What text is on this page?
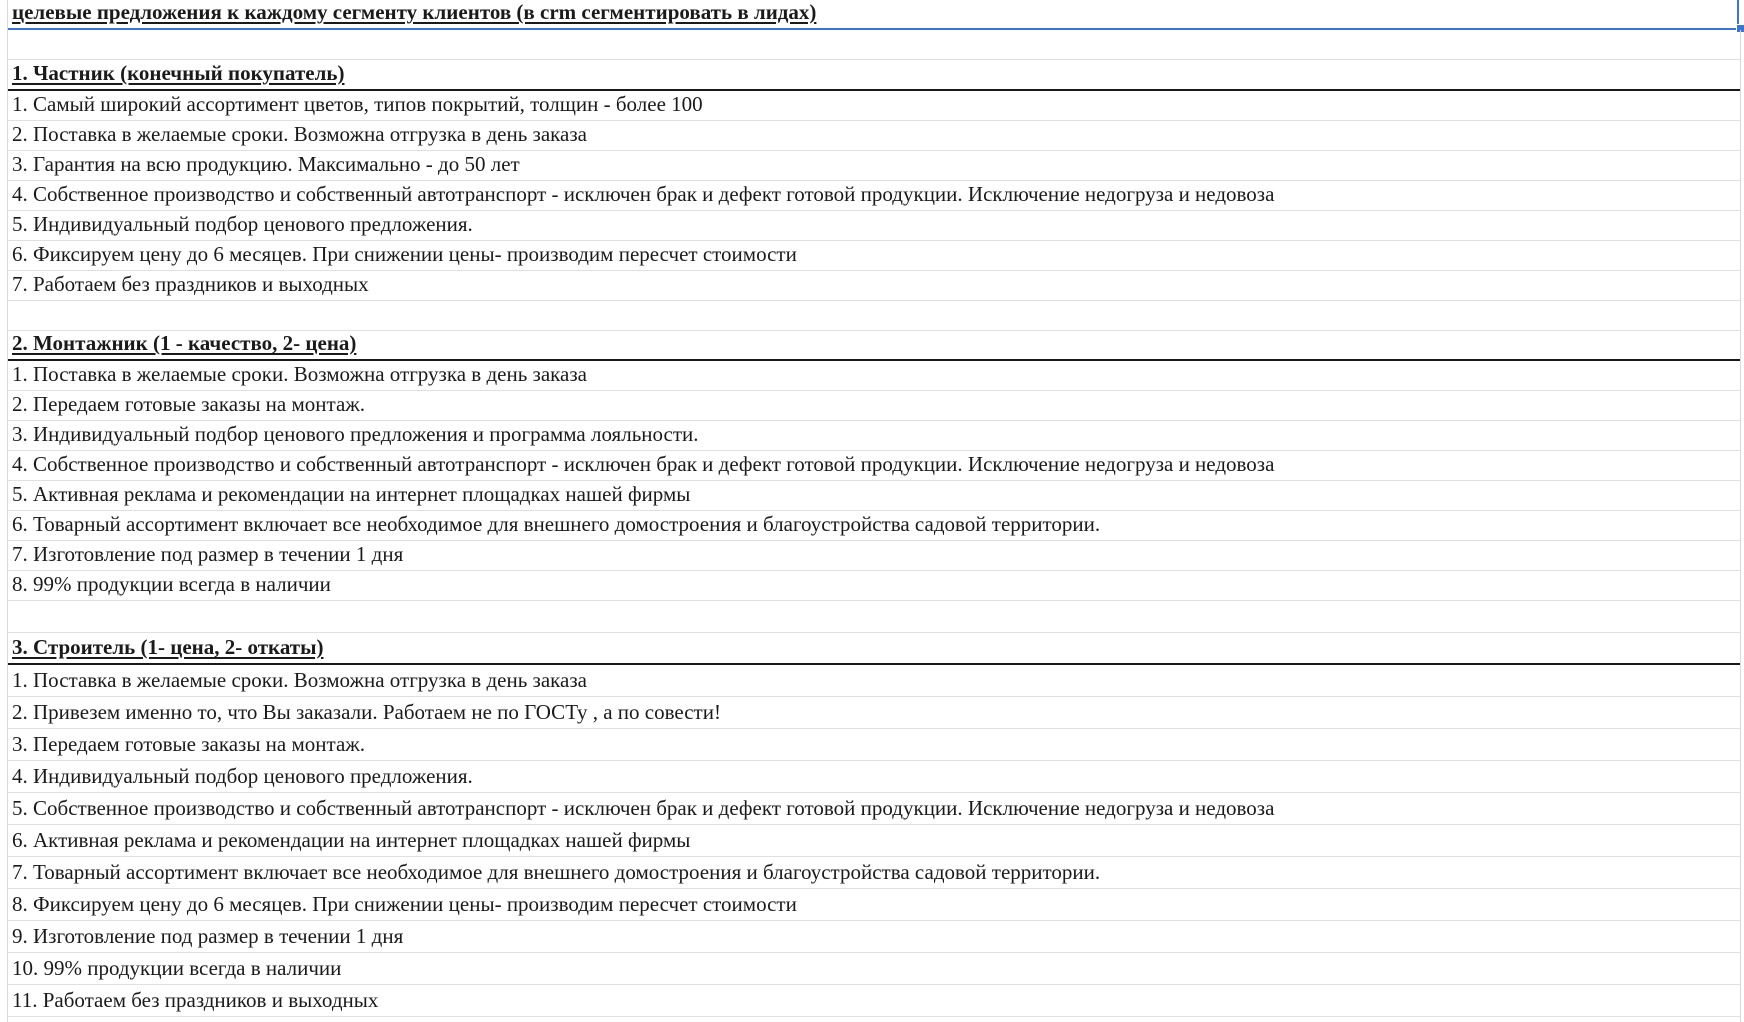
целевые предложения к каждому сегменту клиентов (в crm сегментировать в лидах)
1. Частник (конечный покупатель)
1. Самый широкий ассортимент цветов, типов покрытий, толщин - более 100
2. Поставка в желаемые сроки. Возможна отгрузка в день заказа
3. Гарантия на всю продукцию. Максимально - до 50 лет
4. Собственное производство и собственный автотранспорт - исключен брак и дефект готовой продукции. Исключение недогруза и недовоза
5. Индивидуальный подбор ценового предложения.
6. Фиксируем цену до 6 месяцев. При снижении цены- производим пересчет стоимости
7. Работаем без праздников и выходных
2. Монтажник (1 - качество, 2- цена)
1. Поставка в желаемые сроки. Возможна отгрузка в день заказа
2. Передаем готовые заказы на монтаж.
3. Индивидуальный подбор ценового предложения и программа лояльности.
4. Собственное производство и собственный автотранспорт - исключен брак и дефект готовой продукции. Исключение недогруза и недовоза
5. Активная реклама и рекомендации на интернет площадках нашей фирмы
6. Товарный ассортимент включает все необходимое для внешнего домостроения и благоустройства садовой территории.
7. Изготовление под размер в течении 1 дня
8. 99% продукции всегда в наличии
3. Строитель (1- цена, 2- откаты)
1. Поставка в желаемые сроки. Возможна отгрузка в день заказа
2. Привезем именно то, что Вы заказали. Работаем не по ГОСТу , а по совести!
3. Передаем готовые заказы на монтаж.
4. Индивидуальный подбор ценового предложения.
5. Собственное производство и собственный автотранспорт - исключен брак и дефект готовой продукции. Исключение недогруза и недовоза
6. Активная реклама и рекомендации на интернет площадках нашей фирмы
7. Товарный ассортимент включает все необходимое для внешнего домостроения и благоустройства садовой территории.
8. Фиксируем цену до 6 месяцев. При снижении цены- производим пересчет стоимости
9. Изготовление под размер в течении 1 дня
10. 99% продукции всегда в наличии
11. Работаем без праздников и выходных
